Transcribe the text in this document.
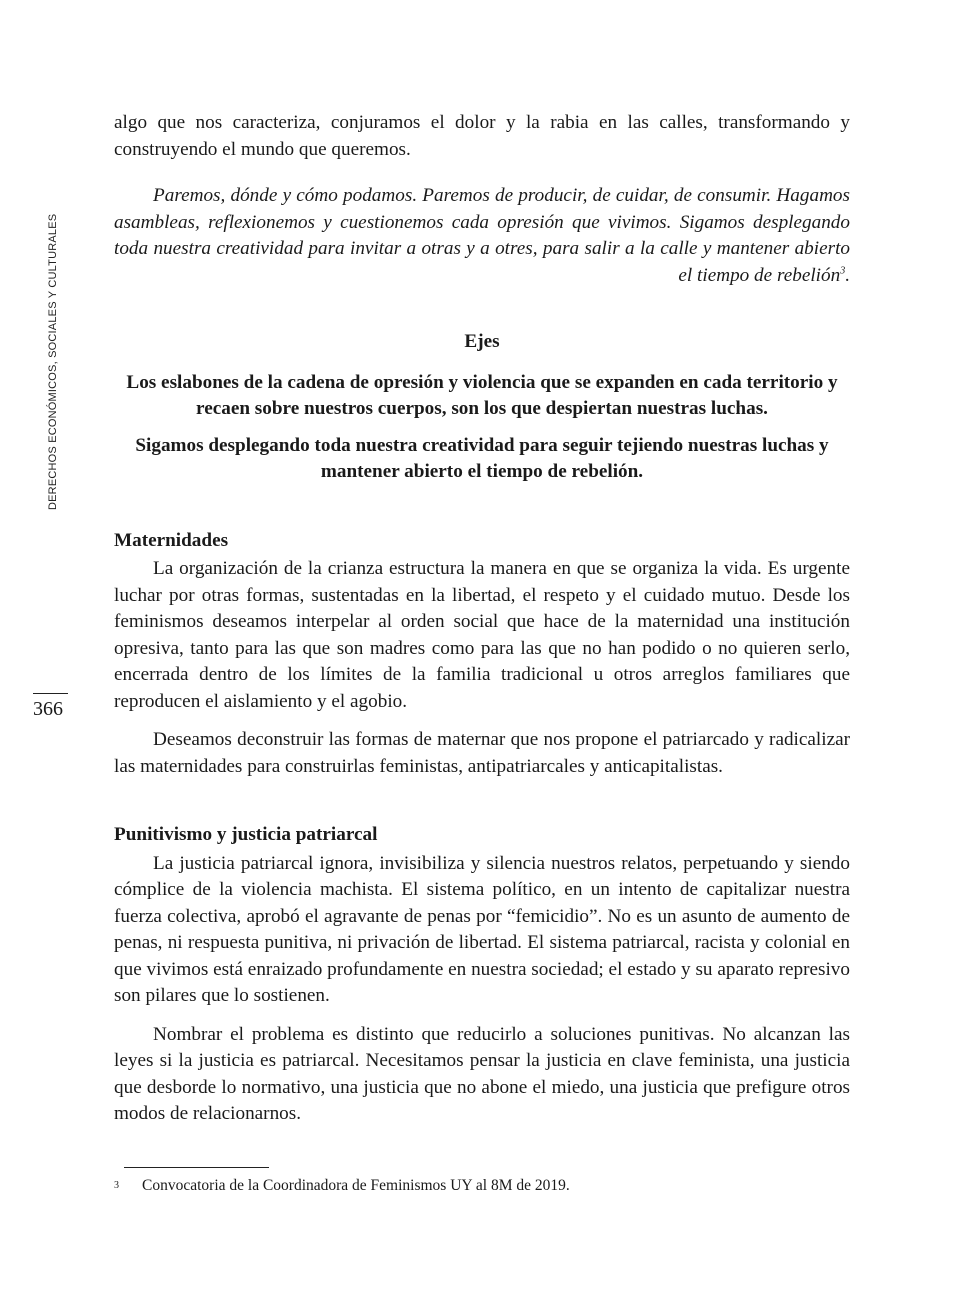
DERECHOS ECONÓMICOS, SOCIALES Y CULTURALES
366

algo que nos caracteriza, conjuramos el dolor y la rabia en las calles, transformando y construyendo el mundo que queremos.

Paremos, dónde y cómo podamos. Paremos de producir, de cuidar, de consumir. Hagamos asambleas, reflexionemos y cuestionemos cada opresión que vivimos. Sigamos desplegando toda nuestra creatividad para invitar a otras y a otres, para salir a la calle y mantener abierto el tiempo de rebelión$^3$.

Ejes

Los eslabones de la cadena de opresión y violencia que se expanden en cada territorio y recaen sobre nuestros cuerpos, son los que despiertan nuestras luchas.

Sigamos desplegando toda nuestra creatividad para seguir tejiendo nuestras luchas y mantener abierto el tiempo de rebelión.

Maternidades

La organización de la crianza estructura la manera en que se organiza la vida. Es urgente luchar por otras formas, sustentadas en la libertad, el respeto y el cuidado mutuo. Desde los feminismos deseamos interpelar al orden social que hace de la maternidad una institución opresiva, tanto para las que son madres como para las que no han podido o no quieren serlo, encerrada dentro de los límites de la familia tradicional u otros arreglos familiares que reproducen el aislamiento y el agobio.

Deseamos deconstruir las formas de maternar que nos propone el patriarcado y radicalizar las maternidades para construirlas feministas, antipatriarcales y anticapitalistas.

Punitivismo y justicia patriarcal

La justicia patriarcal ignora, invisibiliza y silencia nuestros relatos, perpetuando y siendo cómplice de la violencia machista. El sistema político, en un intento de capitalizar nuestra fuerza colectiva, aprobó el agravante de penas por “femicidio”. No es un asunto de aumento de penas, ni respuesta punitiva, ni privación de libertad. El sistema patriarcal, racista y colonial en que vivimos está enraizado profundamente en nuestra sociedad; el estado y su aparato represivo son pilares que lo sostienen.

Nombrar el problema es distinto que reducirlo a soluciones punitivas. No alcanzan las leyes si la justicia es patriarcal. Necesitamos pensar la justicia en clave feminista, una justicia que desborde lo normativo, una justicia que no abone el miedo, una justicia que prefigure otros modos de relacionarnos.

3 Convocatoria de la Coordinadora de Feminismos UY al 8M de 2019.
